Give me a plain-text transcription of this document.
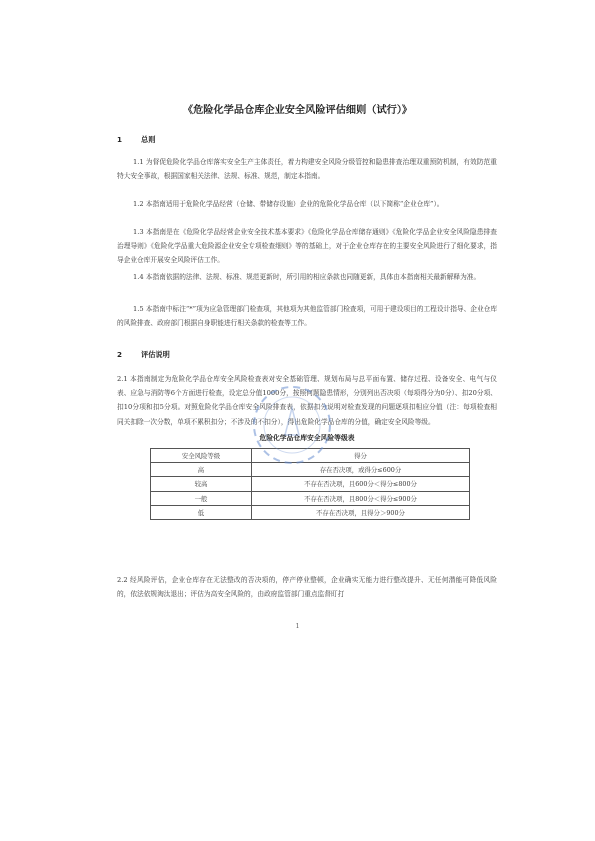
《危险化学品仓库企业安全风险评估细则（试行）》
1	总则
1.1 为督促危险化学品仓库落实安全生产主体责任，着力构建安全风险分级管控和隐患排查治理双重预防机制，有效防范重特大安全事故，根据国家相关法律、法规、标准、规范，制定本指南。
1.2 本指南适用于危险化学品经营（仓储、带储存设施）企业的危险化学品仓库（以下简称“企业仓库”）。
1.3 本指南是在《危险化学品经营企业安全技术基本要求》《危险化学品仓库储存通则》《危险化学品企业安全风险隐患排查治理导则》《危险化学品重大危险源企业安全专项检查细则》等的基础上，对于企业仓库存在的主要安全风险进行了细化要求，指导企业仓库开展安全风险评估工作。
1.4 本指南依据的法律、法规、标准、规范更新时，所引用的相应条款也同随更新，具体由本指南相关最新解释为准。
1.5 本指南中标注“*”项为应急管理部门检查项，其他项为其他监管部门检查项，可用于建设项目的工程设计指导、企业仓库的风险排查、政府部门根据自身职能进行相关条款的检查等工作。
2	评估说明
2.1 本指南制定为危险化学品仓库安全风险检查表对安全基础管理、规划布局与总平面布置、储存过程、设备安全、电气与仪表、应急与消防等6个方面进行检查，设定总分值1000分，按照何题隐患情形，分别列出否决项（每项得分为0分）、扣20分项、扣10分项和扣5分项。对照危险化学品仓库安全风险排查表，依据扣分说明对检查发现的问题逐项扣相应分值（注：每项检查相同关扣除一次分数，单项不累积扣分；不涉及的不扣分），得出危险化学品仓库的分值，确定安全风险等级。
危险化学品仓库安全风险等级表
安全风险等级	得分
高	存在否决项，或得分≤600分
较高	不存在否决项，且600分＜得分≤800分
一般	不存在否决项，且800分＜得分≤900分
低	不存在否决项，且得分＞900分
2.2 经风险评估，企业仓库存在无法整改的否决项的，停产停业整顿，企业确实无能力进行整改提升、无任何潜能可降低风险的，依法依规淘汰退出；评估为高安全风险的，由政府监管部门重点监督盯打
1
